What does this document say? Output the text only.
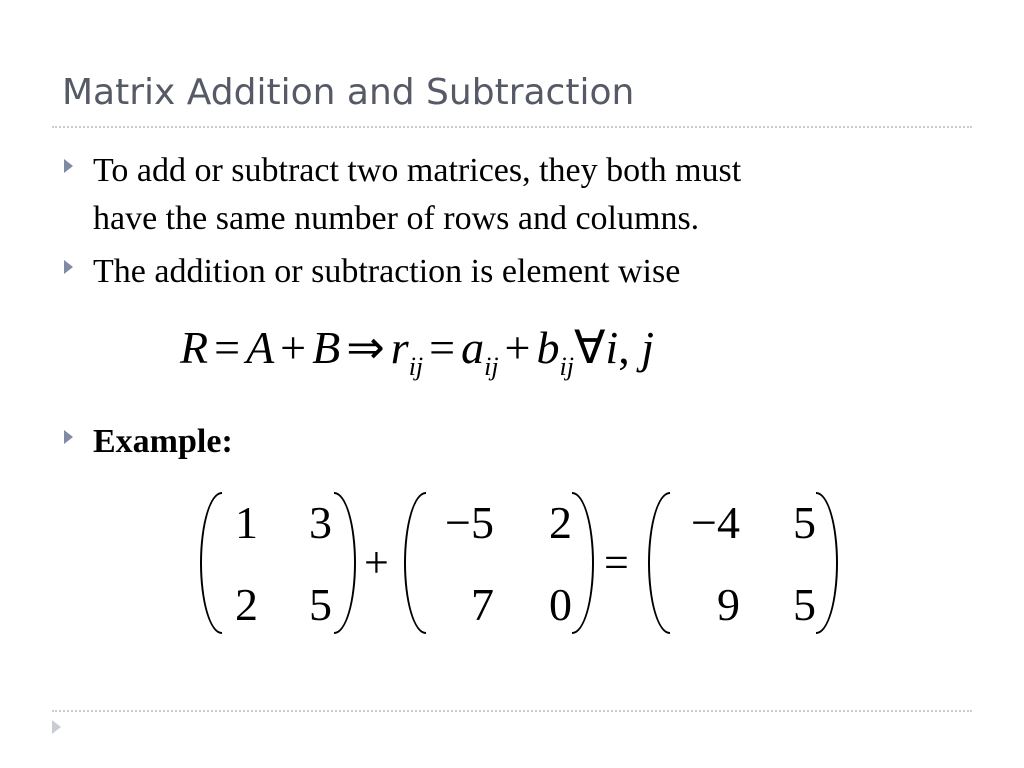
Matrix Addition and Subtraction
To add or subtract two matrices, they both must
have the same number of rows and columns.
The addition or subtraction is element wise
R = A + B ⇒ $r_{ij} = a_{ij}$ + $b_{ij}\forall i$, j
Example:
1 3
2 5
+
−5	2
7	0
=
−4	5
9	5
